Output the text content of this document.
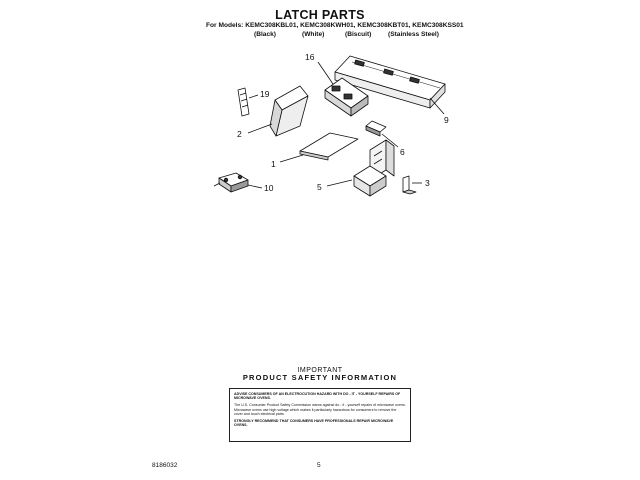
LATCH PARTS
For Models: KEMC308KBL01, KEMC308KWH01, KEMC308KBT01, KEMC308KSS01
(Black)	(White)	(Biscuit)	(Stainless Steel)
16
9
19
2
6
1
3
5
10
IMPORTANT
PRODUCT SAFETY INFORMATION

ADVISE CONSUMERS OF AN ELECTROCUTION HAZARD WITH DO - IT - YOURSELF REPAIRS OF MICROWAVE OVENS.

The U.S. Consumer Product Safety Commission warns against do - it - yourself repairs of microwave ovens. Microwave ovens use high voltage which makes it particularly hazardous for consumers to remove the cover and touch electrical parts.

STRONGLY RECOMMEND THAT CONSUMERS HAVE PROFESSIONALS REPAIR MICROWAVE OVENS.

8186032	5
